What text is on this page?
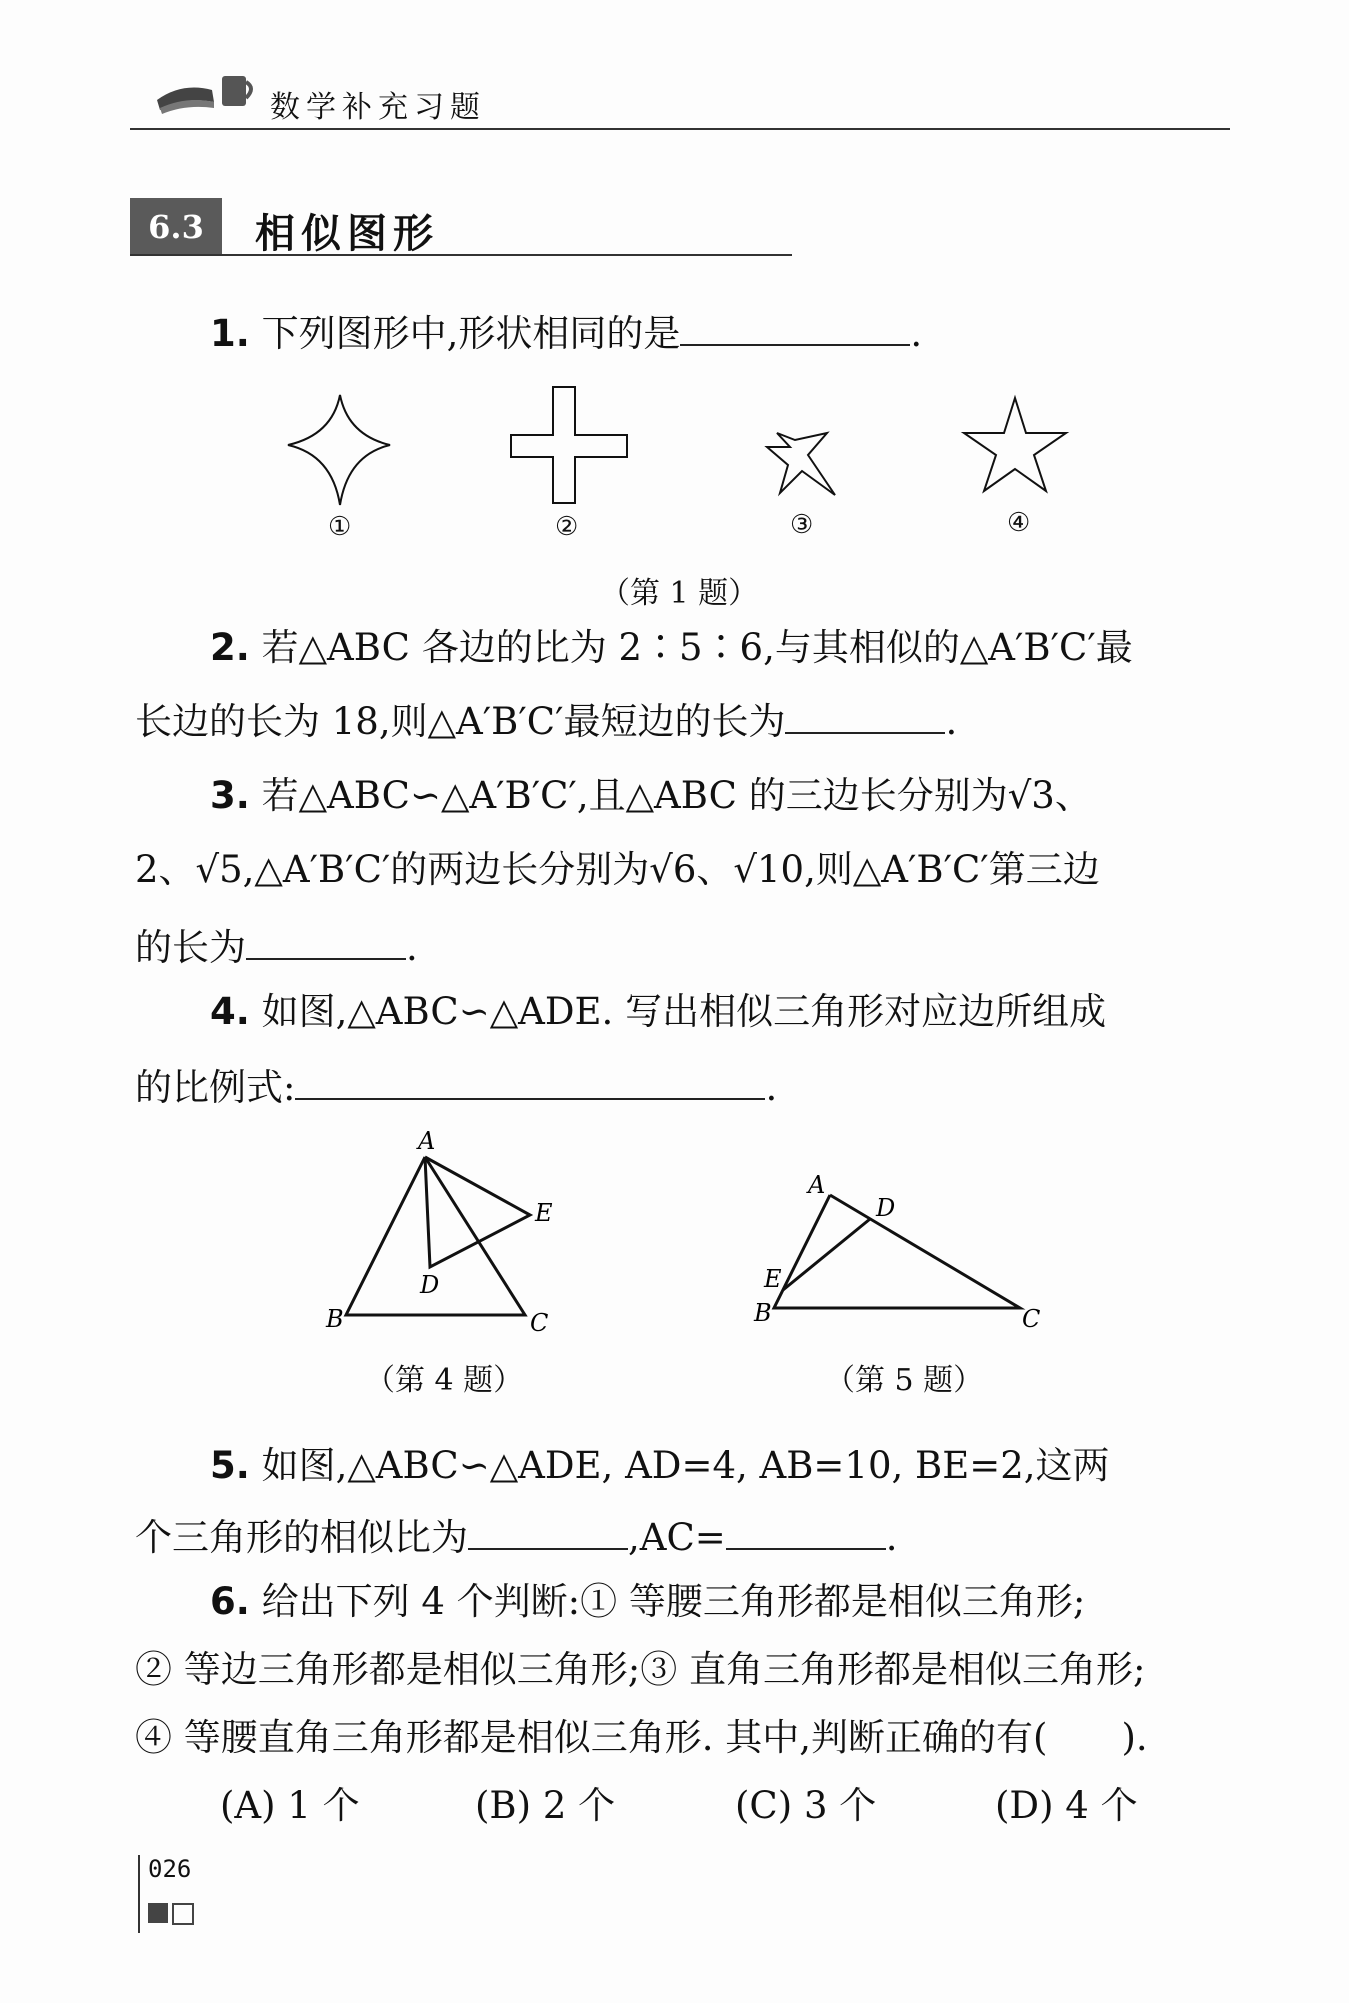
数学补充习题
6.3	相似图形
1. 下列图形中,形状相同的是	.
①	②	③	④
（第 1 题）
2. 若△ABC 各边的比为 2∶5∶6,与其相似的△A′B′C′最
长边的长为 18,则△A′B′C′最短边的长为	.
3. 若△ABC∽△A′B′C′,且△ABC 的三边长分别为√3、
2、√5,△A′B′C′的两边长分别为√6、√10,则△A′B′C′第三边
的长为	.
4. 如图,△ABC∽△ADE. 写出相似三角形对应边所组成
的比例式:	.
A
B	C
D
E
（第 4 题）
A
B	C
D
E
（第 5 题）
5. 如图,△ABC∽△ADE, AD=4, AB=10, BE=2,这两
个三角形的相似比为	,AC=	.
6. 给出下列 4 个判断:① 等腰三角形都是相似三角形;
② 等边三角形都是相似三角形;③ 直角三角形都是相似三角形;
④ 等腰直角三角形都是相似三角形. 其中,判断正确的有(　　).
(A) 1 个	(B) 2 个	(C) 3 个	(D) 4 个
026
